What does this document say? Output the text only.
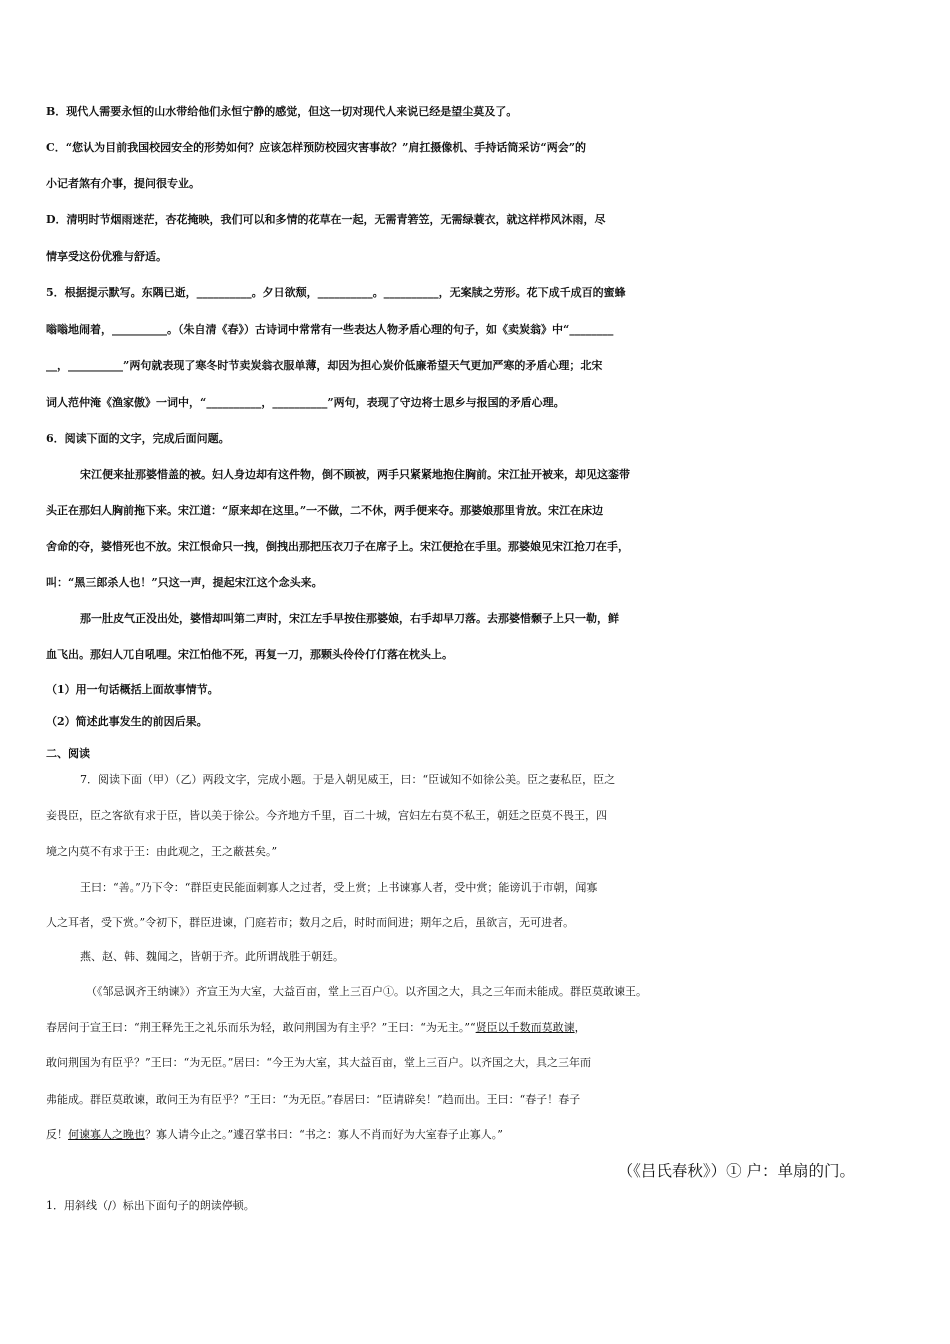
B．现代人需要永恒的山水带给他们永恒宁静的感觉，但这一切对现代人来说已经是望尘莫及了。
C．“您认为目前我国校园安全的形势如何？应该怎样预防校园灾害事故？”肩扛摄像机、手持话筒采访“两会”的
小记者煞有介事，提问很专业。
D．清明时节烟雨迷茫，杏花掩映，我们可以和多情的花草在一起，无需青箬笠，无需绿蓑衣，就这样栉风沐雨，尽
情享受这份优雅与舒适。
5．根据提示默写。东隅已逝，__________。夕日欲颓，__________。__________，无案牍之劳形。花下成千成百的蜜蜂
嗡嗡地闹着，__________。（朱自清《春》）古诗词中常常有一些表达人物矛盾心理的句子，如《卖炭翁》中“________
__，__________”两句就表现了寒冬时节卖炭翁衣服单薄，却因为担心炭价低廉希望天气更加严寒的矛盾心理；北宋
词人范仲淹《渔家傲》一词中，“__________，__________”两句，表现了守边将士思乡与报国的矛盾心理。
6．阅读下面的文字，完成后面问题。
宋江便来扯那婆惜盖的被。妇人身边却有这件物，倒不顾被，两手只紧紧地抱住胸前。宋江扯开被来，却见这銮带
头正在那妇人胸前拖下来。宋江道：“原来却在这里。”一不做，二不休，两手便来夺。那婆娘那里肯放。宋江在床边
舍命的夺，婆惜死也不放。宋江恨命只一拽，倒拽出那把压衣刀子在席子上。宋江便抢在手里。那婆娘见宋江抢刀在手，
叫：“黑三郎杀人也！”只这一声，提起宋江这个念头来。
那一肚皮气正没出处，婆惜却叫第二声时，宋江左手早按住那婆娘，右手却早刀落。去那婆惜颡子上只一勒，鲜
血飞出。那妇人兀自吼哩。宋江怕他不死，再复一刀，那颗头伶伶仃仃落在枕头上。
（1）用一句话概括上面故事情节。
（2）简述此事发生的前因后果。
二、阅读
7．阅读下面（甲）（乙）两段文字，完成小题。于是入朝见威王，曰：“臣诚知不如徐公美。臣之妻私臣，臣之
妾畏臣，臣之客欲有求于臣，皆以美于徐公。今齐地方千里，百二十城，宫妇左右莫不私王，朝廷之臣莫不畏王，四
境之内莫不有求于王：由此观之，王之蔽甚矣。”
王曰：“善。”乃下令：“群臣吏民能面刺寡人之过者，受上赏；上书谏寡人者，受中赏；能谤讥于市朝，闻寡
人之耳者，受下赏。”令初下，群臣进谏，门庭若市；数月之后，时时而间进；期年之后，虽欲言，无可进者。
燕、赵、韩、魏闻之，皆朝于齐。此所谓战胜于朝廷。
（《邹忌讽齐王纳谏》）齐宣王为大室，大益百亩，堂上三百户①。以齐国之大，具之三年而未能成。群臣莫敢谏王。
春居问于宣王曰：“荆王释先王之礼乐而乐为轻，敢问荆国为有主乎？”王曰：“为无主。”“贤臣以千数而莫敢谏，
敢问荆国为有臣乎？”王曰：“为无臣。”居曰：“今王为大室，其大益百亩，堂上三百户。以齐国之大，具之三年而
弗能成。群臣莫敢谏，敢问王为有臣乎？”王曰：“为无臣。”春居曰：“臣请辟矣！”趋而出。王曰：“春子！春子
反！何谏寡人之晚也？寡人请今止之。”遽召掌书曰：“书之：寡人不肖而好为大室春子止寡人。”
（《吕氏春秋》）① 户：单扇的门。
1．用斜线（/）标出下面句子的朗读停顿。
